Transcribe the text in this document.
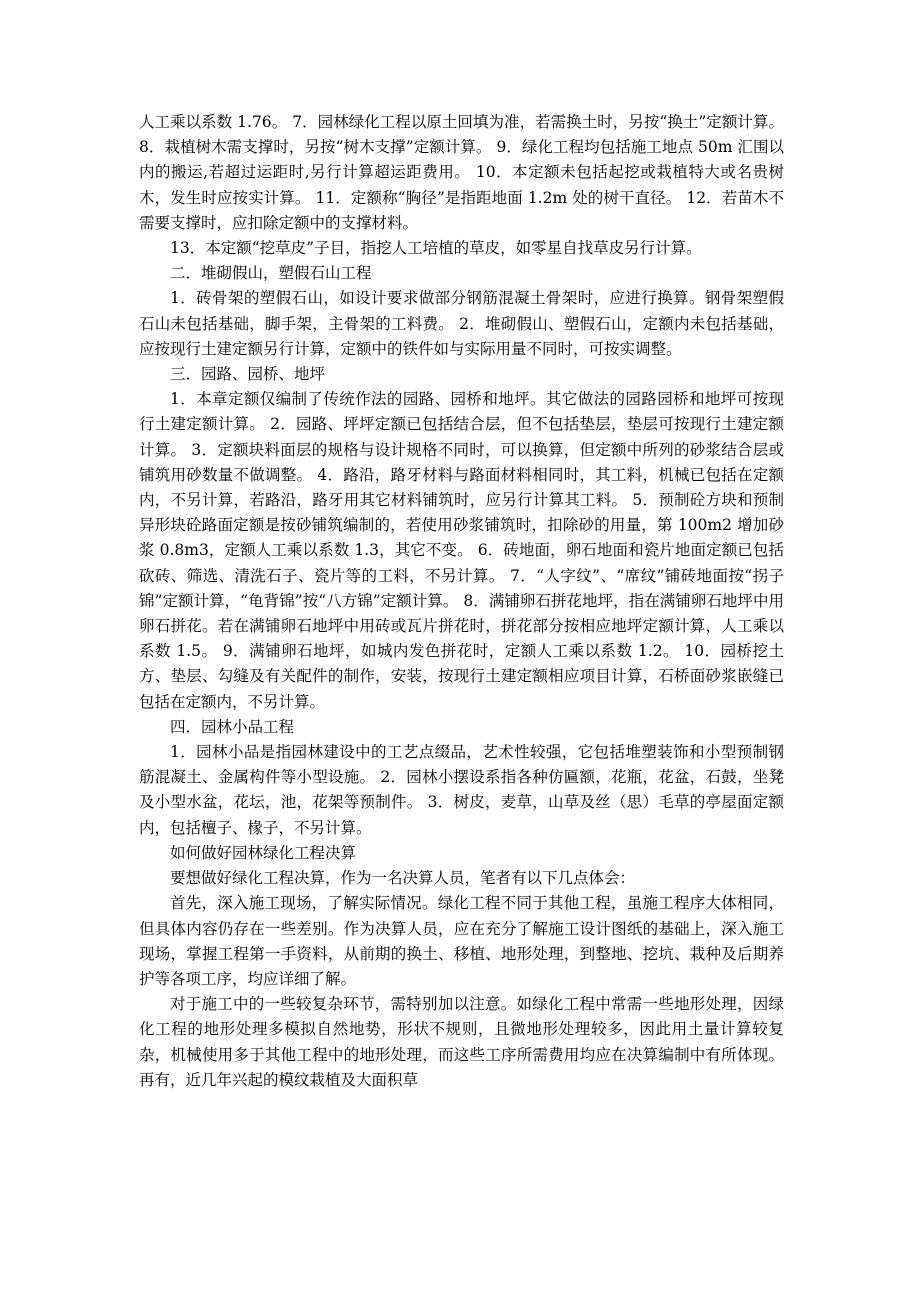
人工乘以系数 1.76。 7．园林绿化工程以原土回填为准，若需换土时，另按“换土”定额计算。 8．栽植树木需支撑时，另按“树木支撑”定额计算。 9．绿化工程均包括施工地点 50m 汇围以内的搬运,若超过运距时,另行计算超运距费用。 10．本定额未包括起挖或栽植特大或名贵树木，发生时应按实计算。 11．定额称“胸径”是指距地面 1.2m 处的树干直径。 12．若苗木不需要支撑时，应扣除定额中的支撑材料。

13．本定额“挖草皮”子目，指挖人工培植的草皮，如零星自找草皮另行计算。

二．堆砌假山，塑假石山工程

1．砖骨架的塑假石山，如设计要求做部分钢筋混凝土骨架时，应进行换算。钢骨架塑假石山未包括基础，脚手架，主骨架的工料费。 2．堆砌假山、塑假石山，定额内未包括基础，应按现行土建定额另行计算，定额中的铁件如与实际用量不同时，可按实调整。

三．园路、园桥、地坪

1．本章定额仅编制了传统作法的园路、园桥和地坪。其它做法的园路园桥和地坪可按现行土建定额计算。 2．园路、坪坪定额已包括结合层，但不包括垫层，垫层可按现行土建定额计算。 3．定额块料面层的规格与设计规格不同时，可以换算，但定额中所列的砂浆结合层或铺筑用砂数量不做调整。 4．路沿，路牙材料与路面材料相同时，其工料，机械已包括在定额内，不另计算，若路沿，路牙用其它材料铺筑时，应另行计算其工料。 5．预制砼方块和预制异形块砼路面定额是按砂铺筑编制的，若使用砂浆铺筑时，扣除砂的用量，第 100m2 增加砂浆 0.8m3，定额人工乘以系数 1.3，其它不变。 6．砖地面，卵石地面和瓷片地面定额已包括砍砖、筛选、清洗石子、瓷片等的工料，不另计算。 7．“人字纹”、“席纹”铺砖地面按“拐子锦”定额计算，“龟背锦”按“八方锦”定额计算。 8．满铺卵石拼花地坪，指在满铺卵石地坪中用卵石拼花。若在满铺卵石地坪中用砖或瓦片拼花时，拼花部分按相应地坪定额计算，人工乘以系数 1.5。 9．满铺卵石地坪，如城内发色拼花时，定额人工乘以系数 1.2。 10．园桥挖土方、垫层、勾缝及有关配件的制作，安装，按现行土建定额相应项目计算，石桥面砂浆嵌缝已包括在定额内，不另计算。

四．园林小品工程

1．园林小品是指园林建设中的工艺点缀品，艺术性较强，它包括堆塑装饰和小型预制钢筋混凝土、金属构件等小型设施。 2．园林小摆设系指各种仿匾额，花瓶，花盆，石鼓，坐凳及小型水盆，花坛，池，花架等预制件。 3．树皮，麦草，山草及丝（思）毛草的亭屋面定额内，包括檀子、椽子，不另计算。

如何做好园林绿化工程决算

要想做好绿化工程决算，作为一名决算人员，笔者有以下几点体会：

首先，深入施工现场，了解实际情况。绿化工程不同于其他工程，虽施工程序大体相同，但具体内容仍存在一些差别。作为决算人员，应在充分了解施工设计图纸的基础上，深入施工现场，掌握工程第一手资料，从前期的换土、移植、地形处理，到整地、挖坑、栽种及后期养护等各项工序，均应详细了解。

对于施工中的一些较复杂环节，需特别加以注意。如绿化工程中常需一些地形处理，因绿化工程的地形处理多模拟自然地势，形状不规则，且微地形处理较多，因此用土量计算较复杂，机械使用多于其他工程中的地形处理，而这些工序所需费用均应在决算编制中有所体现。再有，近几年兴起的模纹栽植及大面积草
